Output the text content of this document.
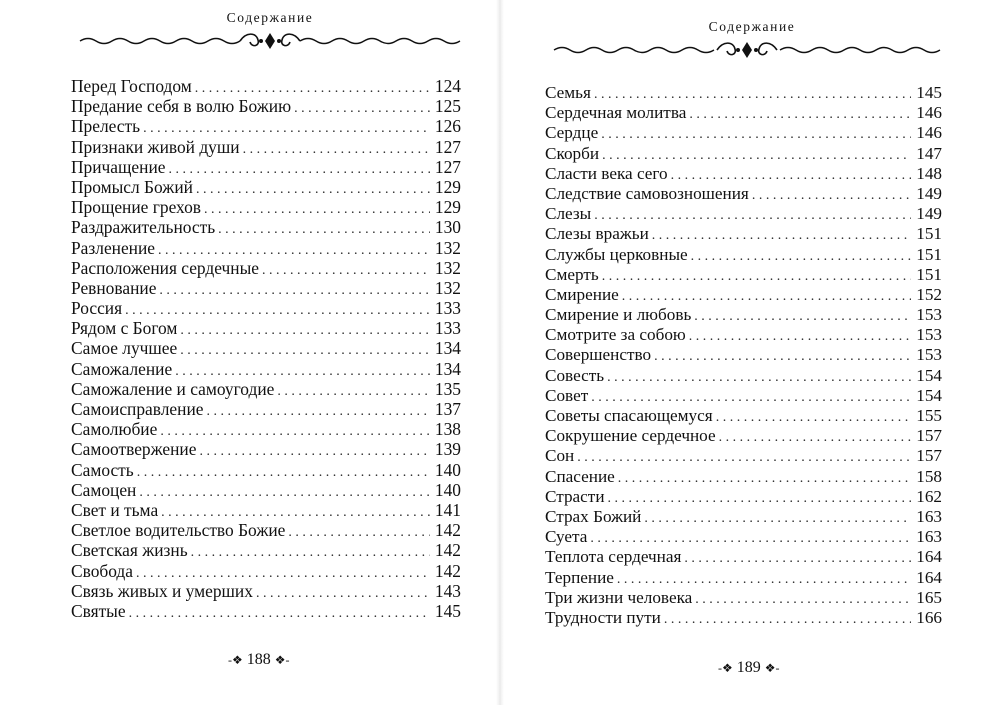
Содержание
Перед Господом . . .	124
Предание себя в волю Божию . . .	125
Прелесть . . .	126
Признаки живой души . . .	127
Причащение . . .	127
Промысл Божий . . .	129
Прощение грехов . . .	129
Раздражительность . . .	130
Разленение . . .	132
Расположения сердечные . . .	132
Ревнование . . .	132
Россия . . .	133
Рядом с Богом . . .	133
Самое лучшее . . .	134
Саможаление . . .	134
Саможаление и самоугодие . . .	135
Самоисправление . . .	137
Самолюбие . . .	138
Самоотвержение . . .	139
Самость . . .	140
Самоцен . . .	140
Свет и тьма . . .	141
Светлое водительство Божие . . .	142
Светская жизнь . . .	142
Свобода . . .	142
Связь живых и умерших . . .	143
Святые . . .	145
-❖ 188 ❖-
Содержание
Семья . . .	145
Сердечная молитва . . .	146
Сердце . . .	146
Скорби . . .	147
Сласти века сего . . .	148
Следствие самовозношения . . .	149
Слезы . . .	149
Слезы вражьи . . .	151
Службы церковные . . .	151
Смерть . . .	151
Смирение . . .	152
Смирение и любовь . . .	153
Смотрите за собою . . .	153
Совершенство . . .	153
Совесть . . .	154
Совет . . .	154
Советы спасающемуся . . .	155
Сокрушение сердечное . . .	157
Сон . . .	157
Спасение . . .	158
Страсти . . .	162
Страх Божий . . .	163
Суета . . .	163
Теплота сердечная . . .	164
Терпение . . .	164
Три жизни человека . . .	165
Трудности пути . . .	166
-❖ 189 ❖-
